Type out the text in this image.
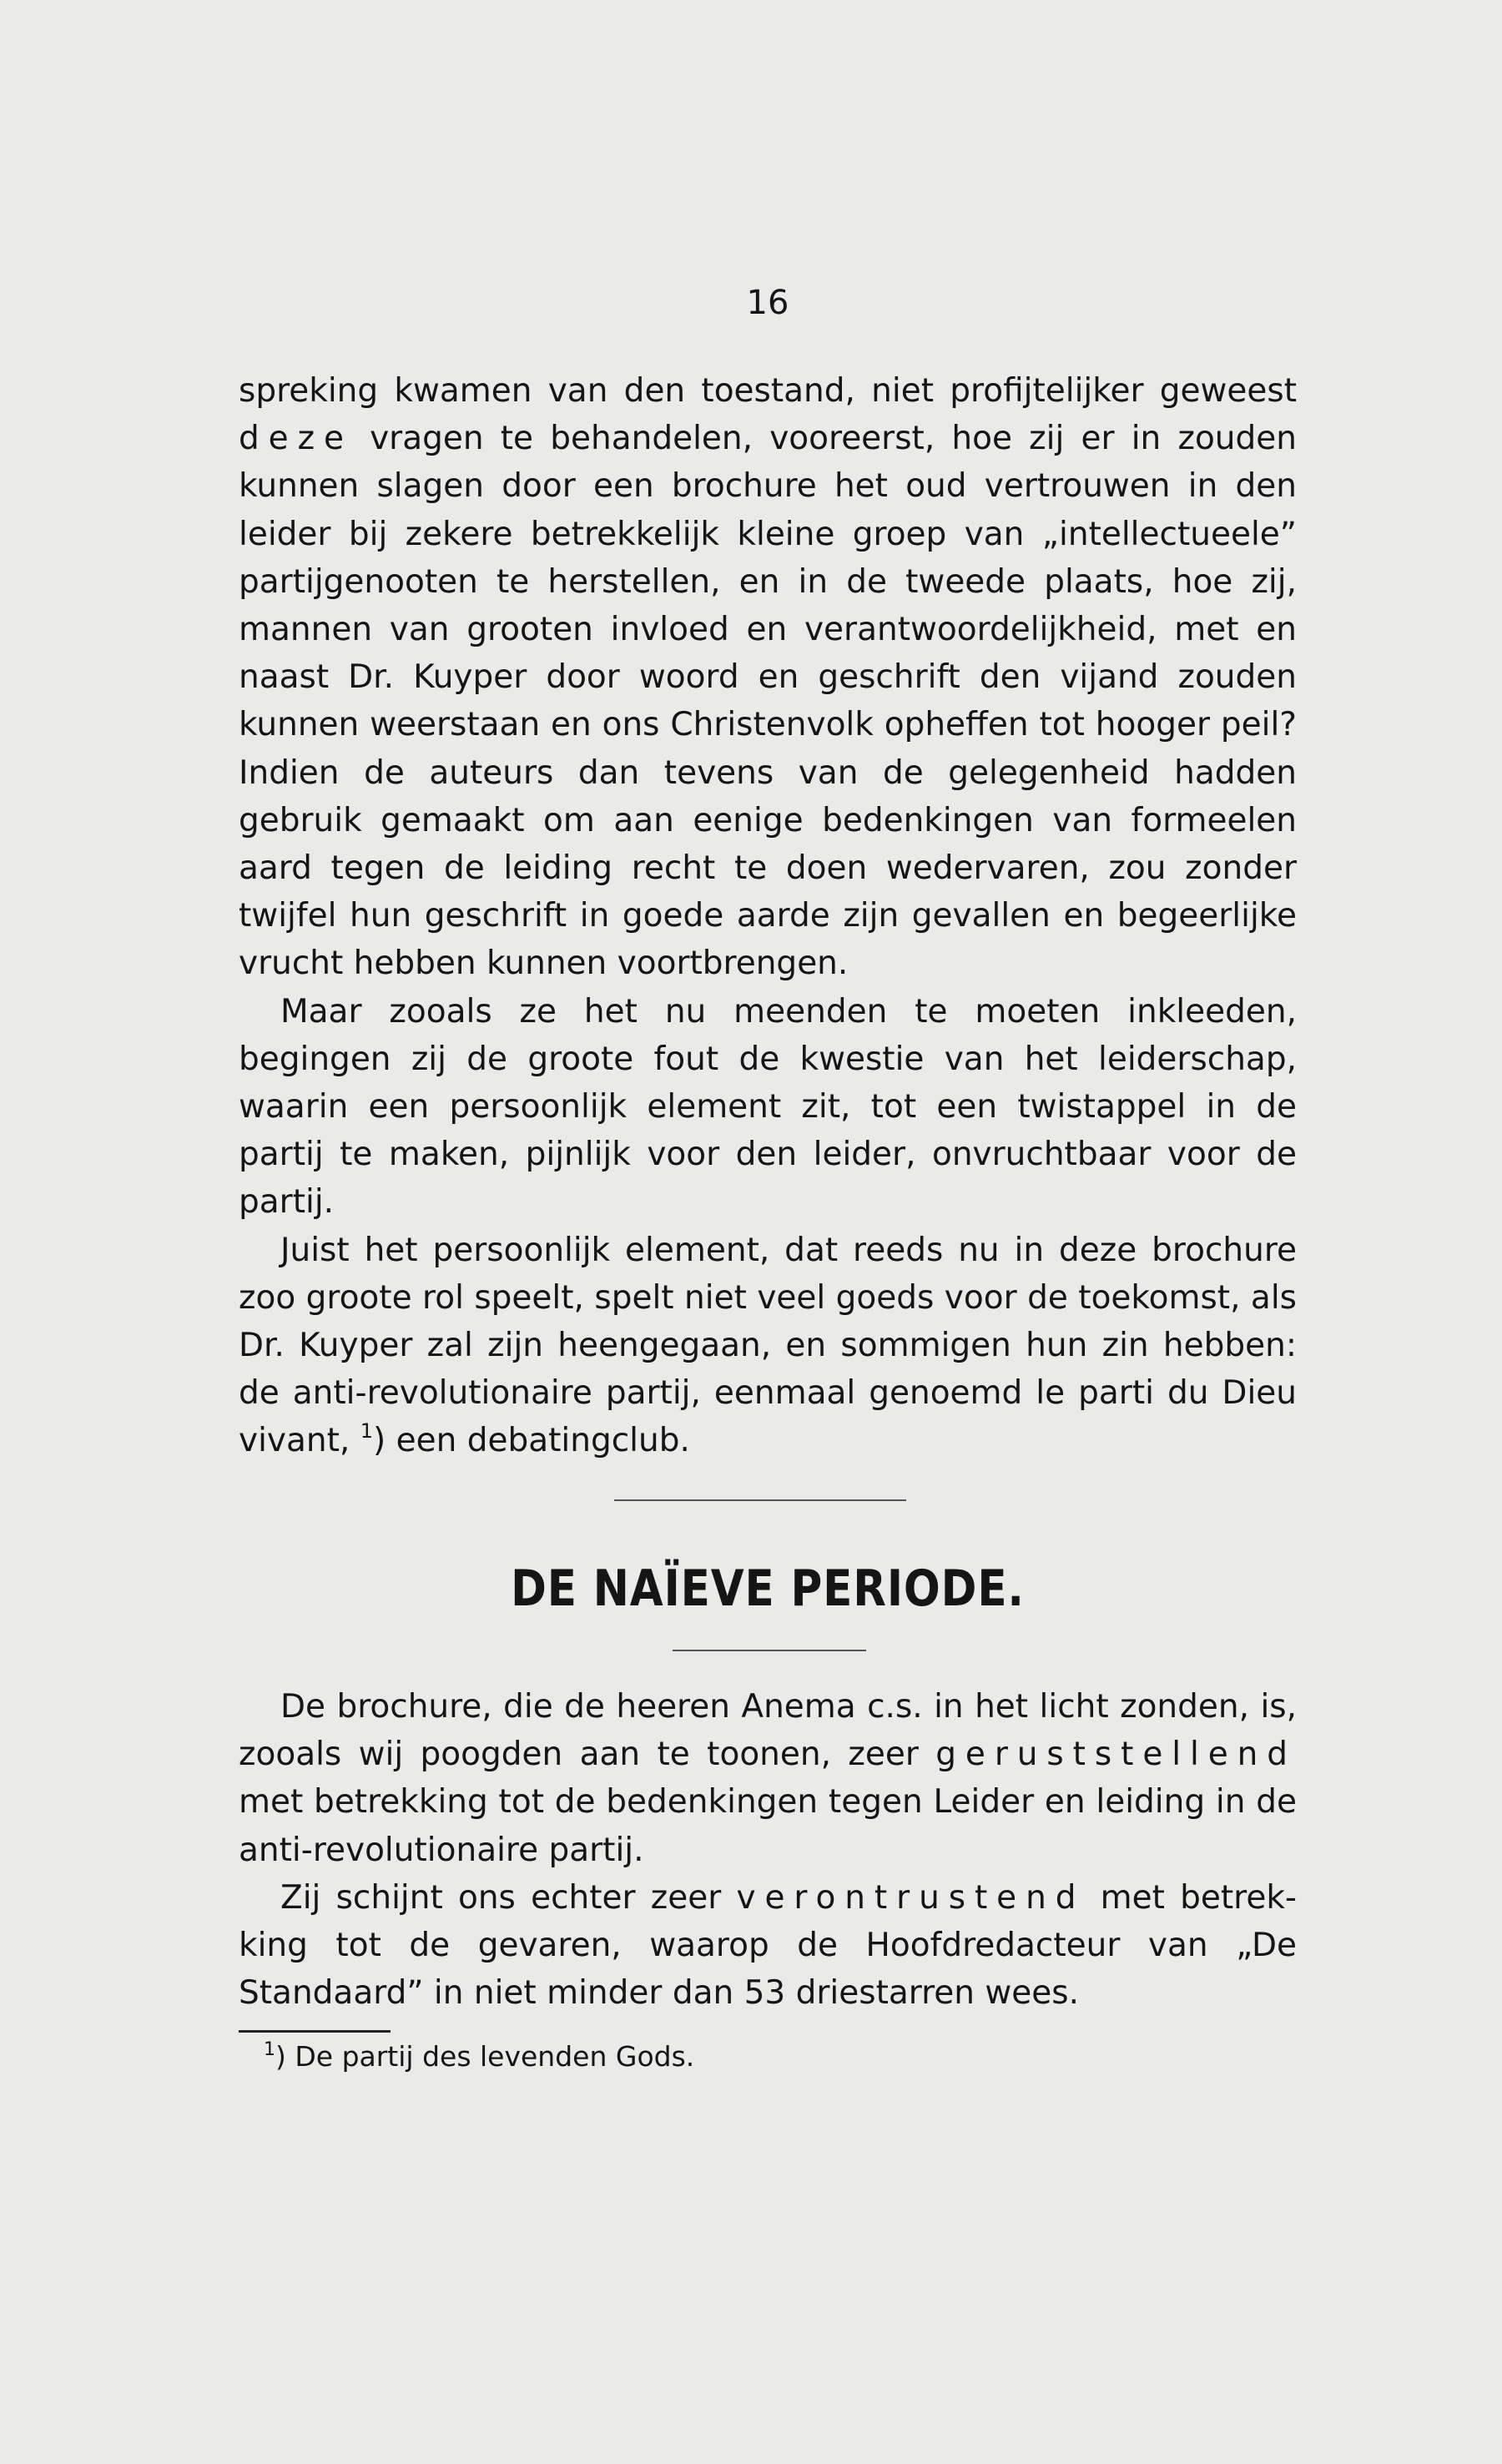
16

spreking kwamen van den toestand, niet profijtelijker geweest deze vragen te behandelen, vooreerst, hoe zij er in zouden kunnen slagen door een brochure het oud vertrouwen in den leider bij zekere betrekkelijk kleine groep van „intellectueele” partijgenooten te herstellen, en in de tweede plaats, hoe zij, mannen van grooten invloed en verantwoordelijkheid, met en naast Dr. Kuyper door woord en geschrift den vijand zouden kunnen weerstaan en ons Christenvolk opheffen tot hooger peil? Indien de auteurs dan tevens van de gelegenheid hadden gebruik gemaakt om aan eenige bedenkingen van formeelen aard tegen de leiding recht te doen wedervaren, zou zonder twijfel hun geschrift in goede aarde zijn gevallen en begeerlijke vrucht hebben kunnen voortbrengen.

Maar zooals ze het nu meenden te moeten inkleeden, begingen zij de groote fout de kwestie van het leiderschap, waarin een persoonlijk element zit, tot een twistappel in de partij te maken, pijnlijk voor den leider, onvruchtbaar voor de partij.

Juist het persoonlijk element, dat reeds nu in deze brochure zoo groote rol speelt, spelt niet veel goeds voor de toekomst, als Dr. Kuyper zal zijn heengegaan, en sommigen hun zin hebben: de anti-revolutionaire partij, eenmaal genoemd le parti du Dieu vivant, $^1$) een debatingclub.

DE NAÏEVE PERIODE.

De brochure, die de heeren Anema c.s. in het licht zonden, is, zooals wij poogden aan te toonen, zeer geruststellend met betrekking tot de bedenkingen tegen Leider en leiding in de anti-revolutionaire partij.

Zij schijnt ons echter zeer verontrustend met betrekking tot de gevaren, waarop de Hoofdredacteur van „De Standaard” in niet minder dan 53 driestarren wees.

$^1$) De partij des levenden Gods.
